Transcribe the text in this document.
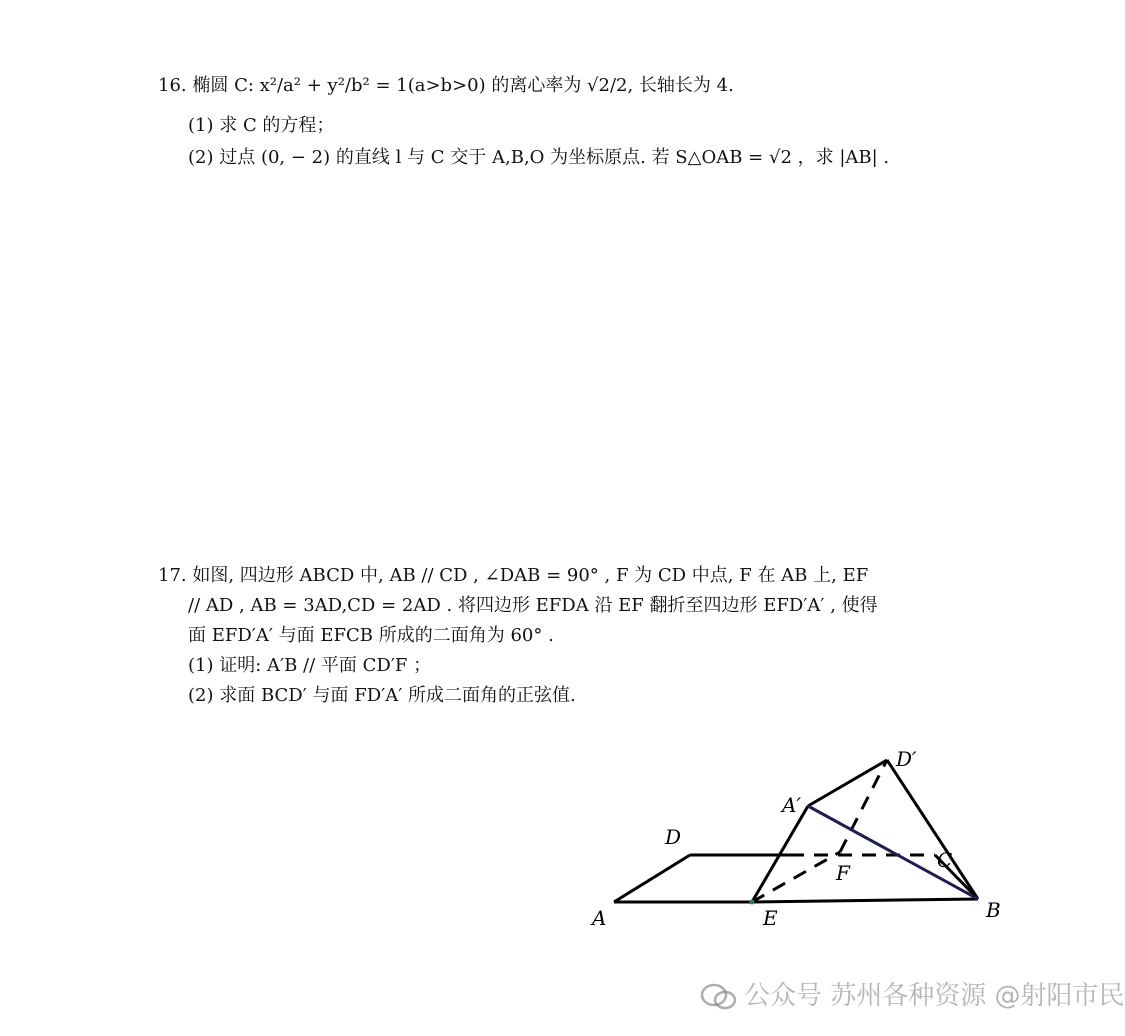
16. 椭圆 C: x²/a² + y²/b² = 1(a>b>0) 的离心率为 √2/2, 长轴长为 4.
(1) 求 C 的方程；
(2) 过点 (0, − 2) 的直线 l 与 C 交于 A,B,O 为坐标原点. 若 S△OAB = √2 ，求 |AB| .
17. 如图, 四边形 ABCD 中, AB // CD , ∠DAB = 90° , F 为 CD 中点, F 在 AB 上, EF
// AD , AB = 3AD,CD = 2AD . 将四边形 EFDA 沿 EF 翻折至四边形 EFD′A′ , 使得
面 EFD′A′ 与面 EFCB 所成的二面角为 60° .
(1) 证明: A′B // 平面 CD′F ；
(2) 求面 BCD′ 与面 FD′A′ 所成二面角的正弦值.
A	B
C
D
E
F
A′
D′
公众号 苏州各种资源 @射阳市民
